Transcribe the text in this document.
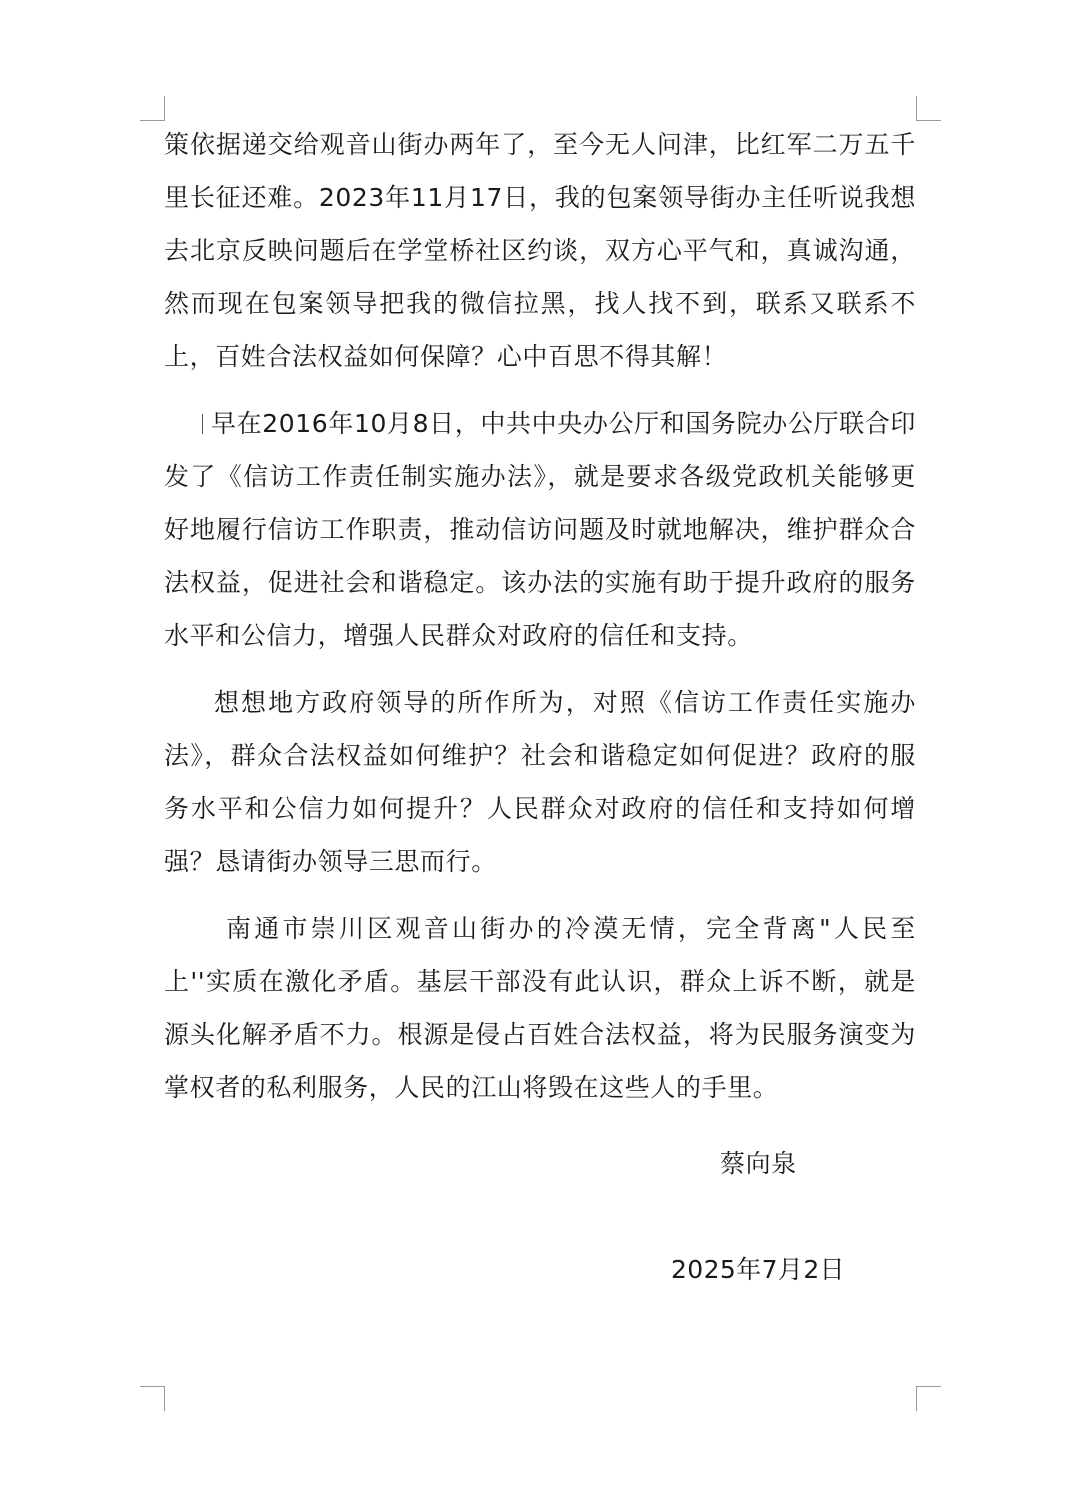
策依据递交给观音山街办两年了，至今无人问津，比红军二万五千里长征还难。2023年11月17日，我的包案领导街办主任听说我想去北京反映问题后在学堂桥社区约谈，双方心平气和，真诚沟通，然而现在包案领导把我的微信拉黑，找人找不到，联系又联系不上，百姓合法权益如何保障？心中百思不得其解！

早在2016年10月8日，中共中央办公厅和国务院办公厅联合印发了《信访工作责任制实施办法》，就是要求各级党政机关能够更好地履行信访工作职责，推动信访问题及时就地解决，维护群众合法权益，促进社会和谐稳定。该办法的实施有助于提升政府的服务水平和公信力，增强人民群众对政府的信任和支持。

想想地方政府领导的所作所为，对照《信访工作责任实施办法》，群众合法权益如何维护？社会和谐稳定如何促进？政府的服务水平和公信力如何提升？人民群众对政府的信任和支持如何增强？恳请街办领导三思而行。

南通市崇川区观音山街办的冷漠无情，完全背离"人民至上''实质在激化矛盾。基层干部没有此认识，群众上诉不断，就是源头化解矛盾不力。根源是侵占百姓合法权益，将为民服务演变为掌权者的私利服务，人民的江山将毁在这些人的手里。

蔡向泉
2025年7月2日
